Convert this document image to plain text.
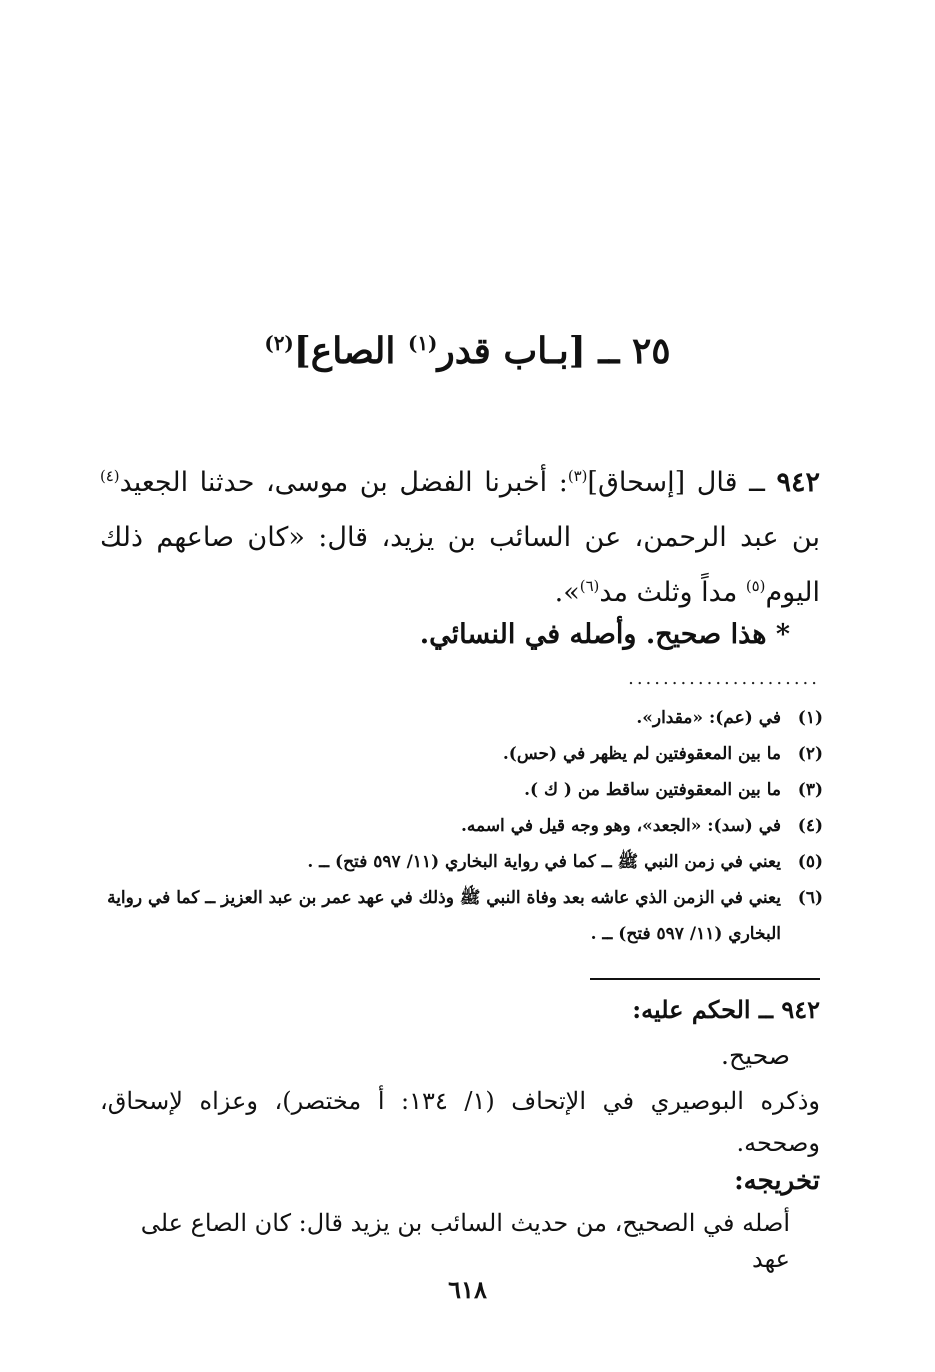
٢٥ ــ [بـاب قدر$^{(١)}$ الصاع]$^{(٢)}$
٩٤٢ ــ قال [إسحاق]$^{(٣)}$: أخبرنا الفضل بن موسى، حدثنا الجعيد$^{(٤)}$ بن عبد الرحمن، عن السائب بن يزيد، قال: «كان صاعهم ذلك اليوم$^{(٥)}$ مداً وثلث مد$^{(٦)}$».
* هذا صحيح. وأصله في النسائي.
......................
(١)
في (عم): «مقدار».
(٢)
ما بين المعقوفتين لم يظهر في (حس).
(٣)
ما بين المعقوفتين ساقط من ( ك ).
(٤)
في (سد): «الجعد»، وهو وجه قيل في اسمه.
(٥)
يعني في زمن النبي ﷺ ــ كما في رواية البخاري (١١/ ٥٩٧ فتح) ــ .
(٦)
يعني في الزمن الذي عاشه بعد وفاة النبي ﷺ وذلك في عهد عمر بن عبد العزيز ــ كما في رواية البخاري (١١/ ٥٩٧ فتح) ــ .
٩٤٢ ــ الحكم عليه:
صحيح.
وذكره البوصيري في الإتحاف (١/ ١٣٤: أ مختصر)، وعزاه لإسحاق، وصححه.
تخريجه:
أصله في الصحيح، من حديث السائب بن يزيد قال: كان الصاع على عهد
٦١٨
